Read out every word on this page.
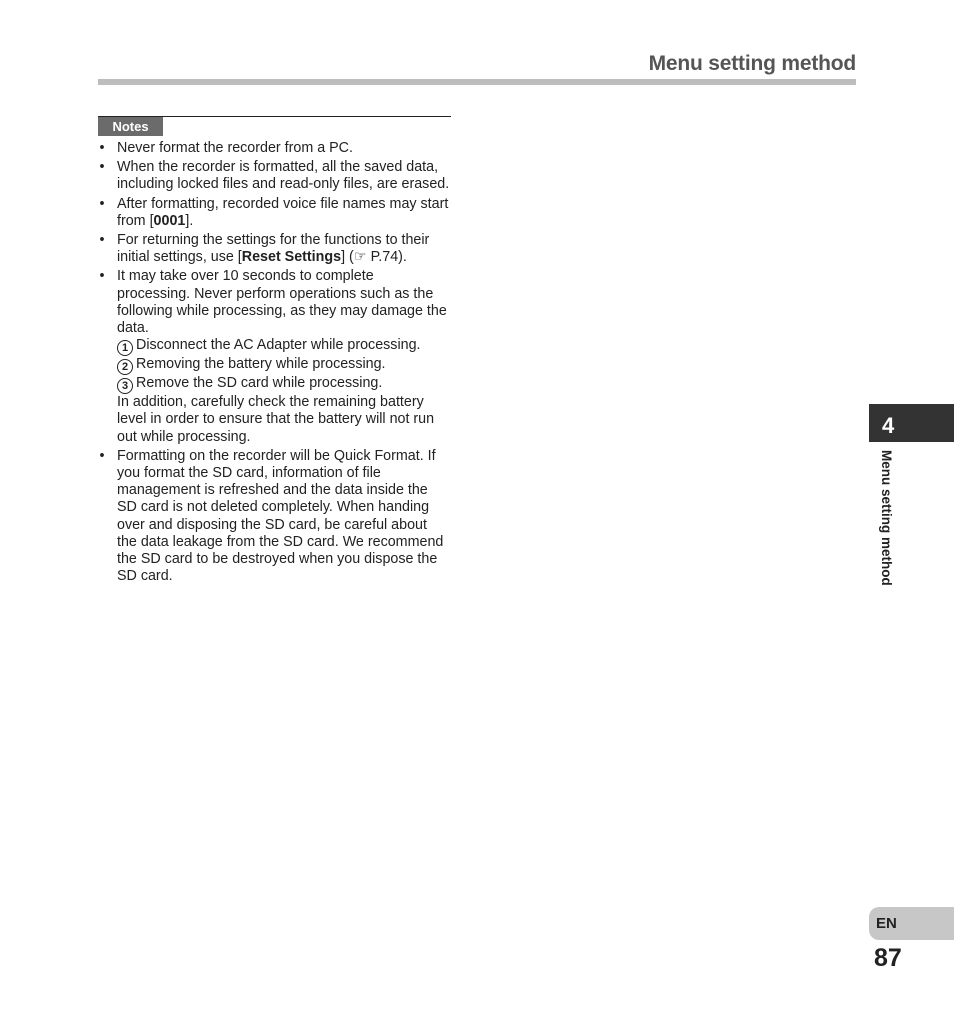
Menu setting method
Notes
• Never format the recorder from a PC.
• When the recorder is formatted, all the saved data, including locked files and read-only files, are erased.
• After formatting, recorded voice file names may start from [0001].
• For returning the settings for the functions to their initial settings, use [Reset Settings] (☞ P.74).
• It may take over 10 seconds to complete processing. Never perform operations such as the following while processing, as they may damage the data.
1 Disconnect the AC Adapter while processing.
2 Removing the battery while processing.
3 Remove the SD card while processing.
In addition, carefully check the remaining battery level in order to ensure that the battery will not run out while processing.
• Formatting on the recorder will be Quick Format. If you format the SD card, information of file management is refreshed and the data inside the SD card is not deleted completely. When handing over and disposing the SD card, be careful about the data leakage from the SD card. We recommend the SD card to be destroyed when you dispose the SD card.
4
Menu setting method
EN
87
